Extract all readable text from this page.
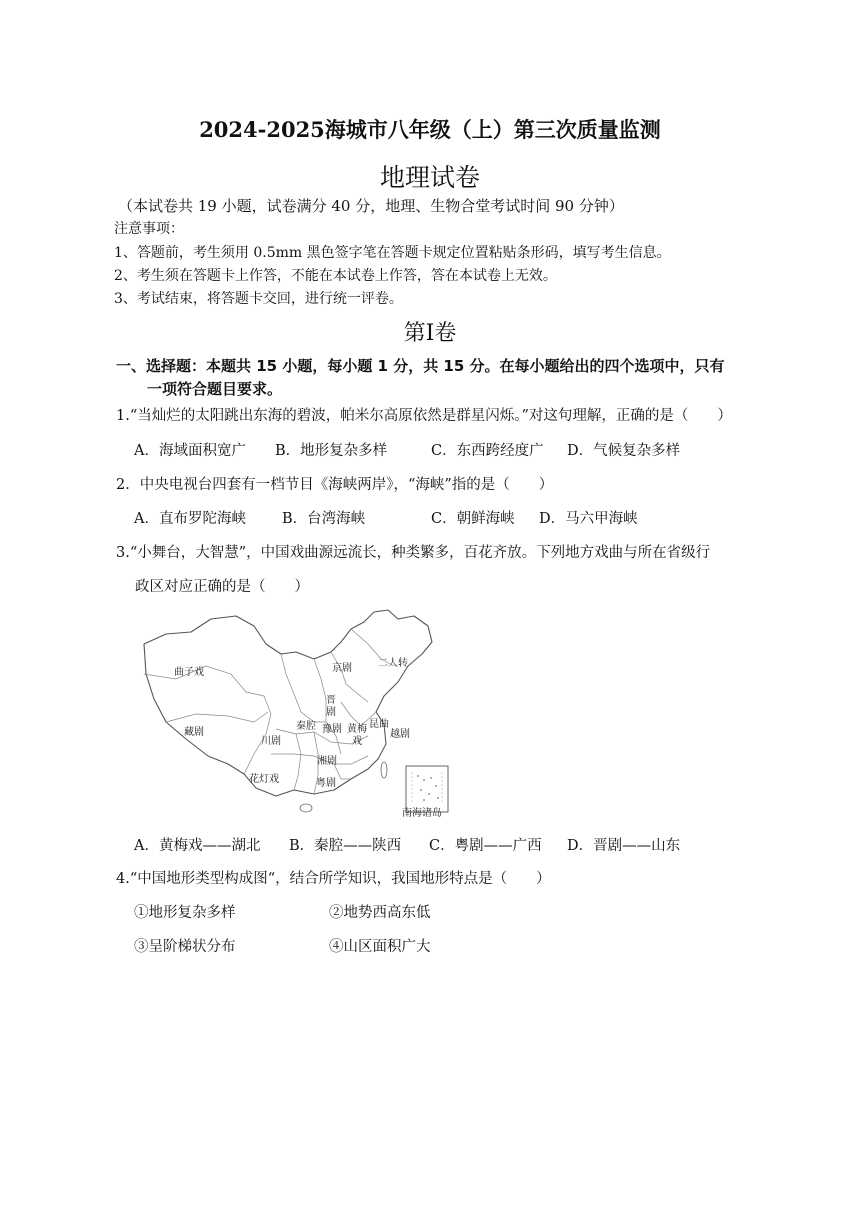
2024-2025海城市八年级（上）第三次质量监测
地理试卷
（本试卷共 19 小题，试卷满分 40 分，地理、生物合堂考试时间 90 分钟）
注意事项：
1、答题前，考生须用 0.5mm 黑色签字笔在答题卡规定位置粘贴条形码，填写考生信息。
2、考生须在答题卡上作答，不能在本试卷上作答，答在本试卷上无效。
3、考试结束，将答题卡交回，进行统一评卷。
第Ⅰ卷
一、选择题：本题共 15 小题，每小题 1 分，共 15 分。在每小题给出的四个选项中，只有
一项符合题目要求。
1.“当灿烂的太阳跳出东海的碧波，帕米尔高原依然是群星闪烁。”对这句理解，正确的是（　　）
A．海域面积宽广	B．地形复杂多样	C．东西跨经度广	D．气候复杂多样
2．中央电视台四套有一档节目《海峡两岸》，“海峡”指的是（　　）
A．直布罗陀海峡	B．台湾海峡	C．朝鲜海峡	D．马六甲海峡
3.“小舞台，大智慧”，中国戏曲源远流长，种类繁多，百花齐放。下列地方戏曲与所在省级行
政区对应正确的是（　　）
曲子戏	京剧	二人转
晋
剧
藏剧
秦腔 豫剧 黄梅
戏
昆曲
越剧
川剧
湘剧
花灯戏	粤剧
南海诸岛
A．黄梅戏——湖北	B．秦腔——陕西	C．粤剧——广西	D．晋剧——山东
4.“中国地形类型构成图“，结合所学知识，我国地形特点是（　　）
①地形复杂多样	②地势西高东低
③呈阶梯状分布	④山区面积广大
